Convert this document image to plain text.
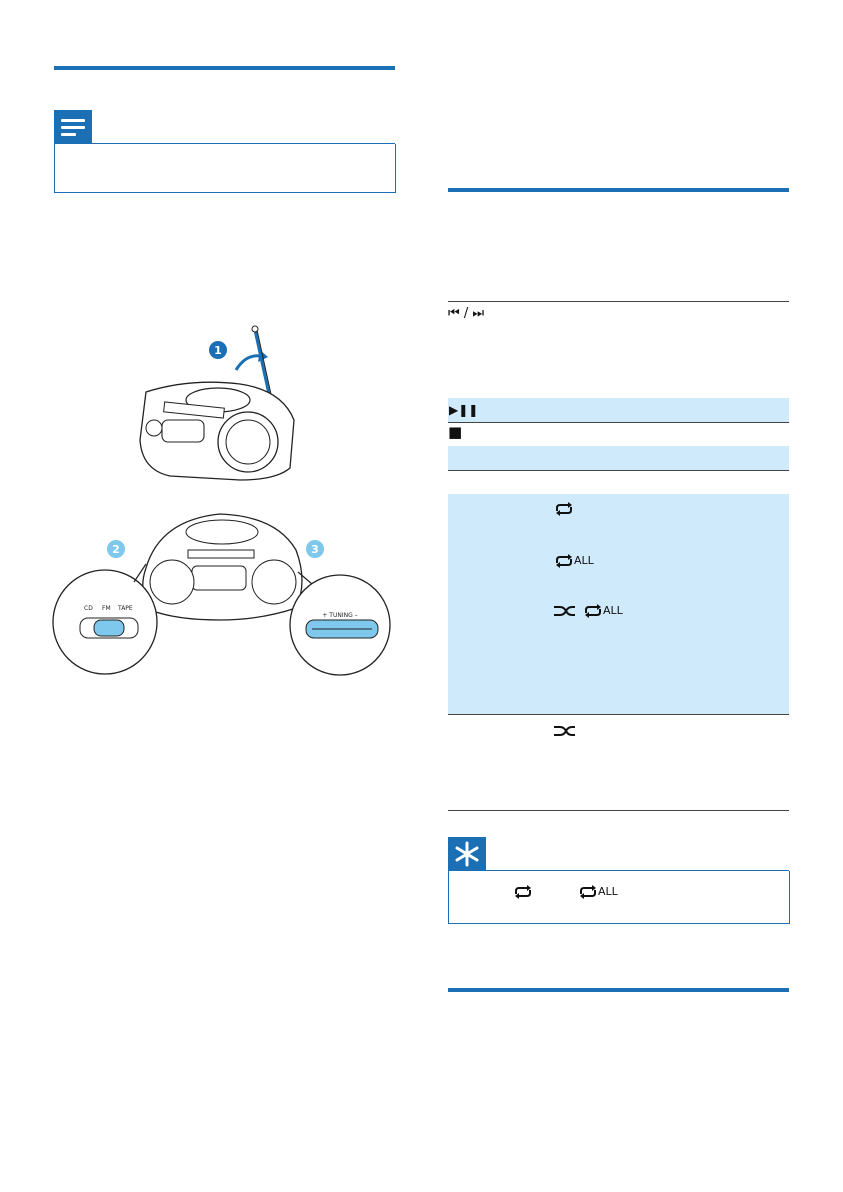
1
2	3
CD FM TAPE
+ TUNING –
⏮ / ⏭
▶❚❚
■
ALL
ALL
ALL
